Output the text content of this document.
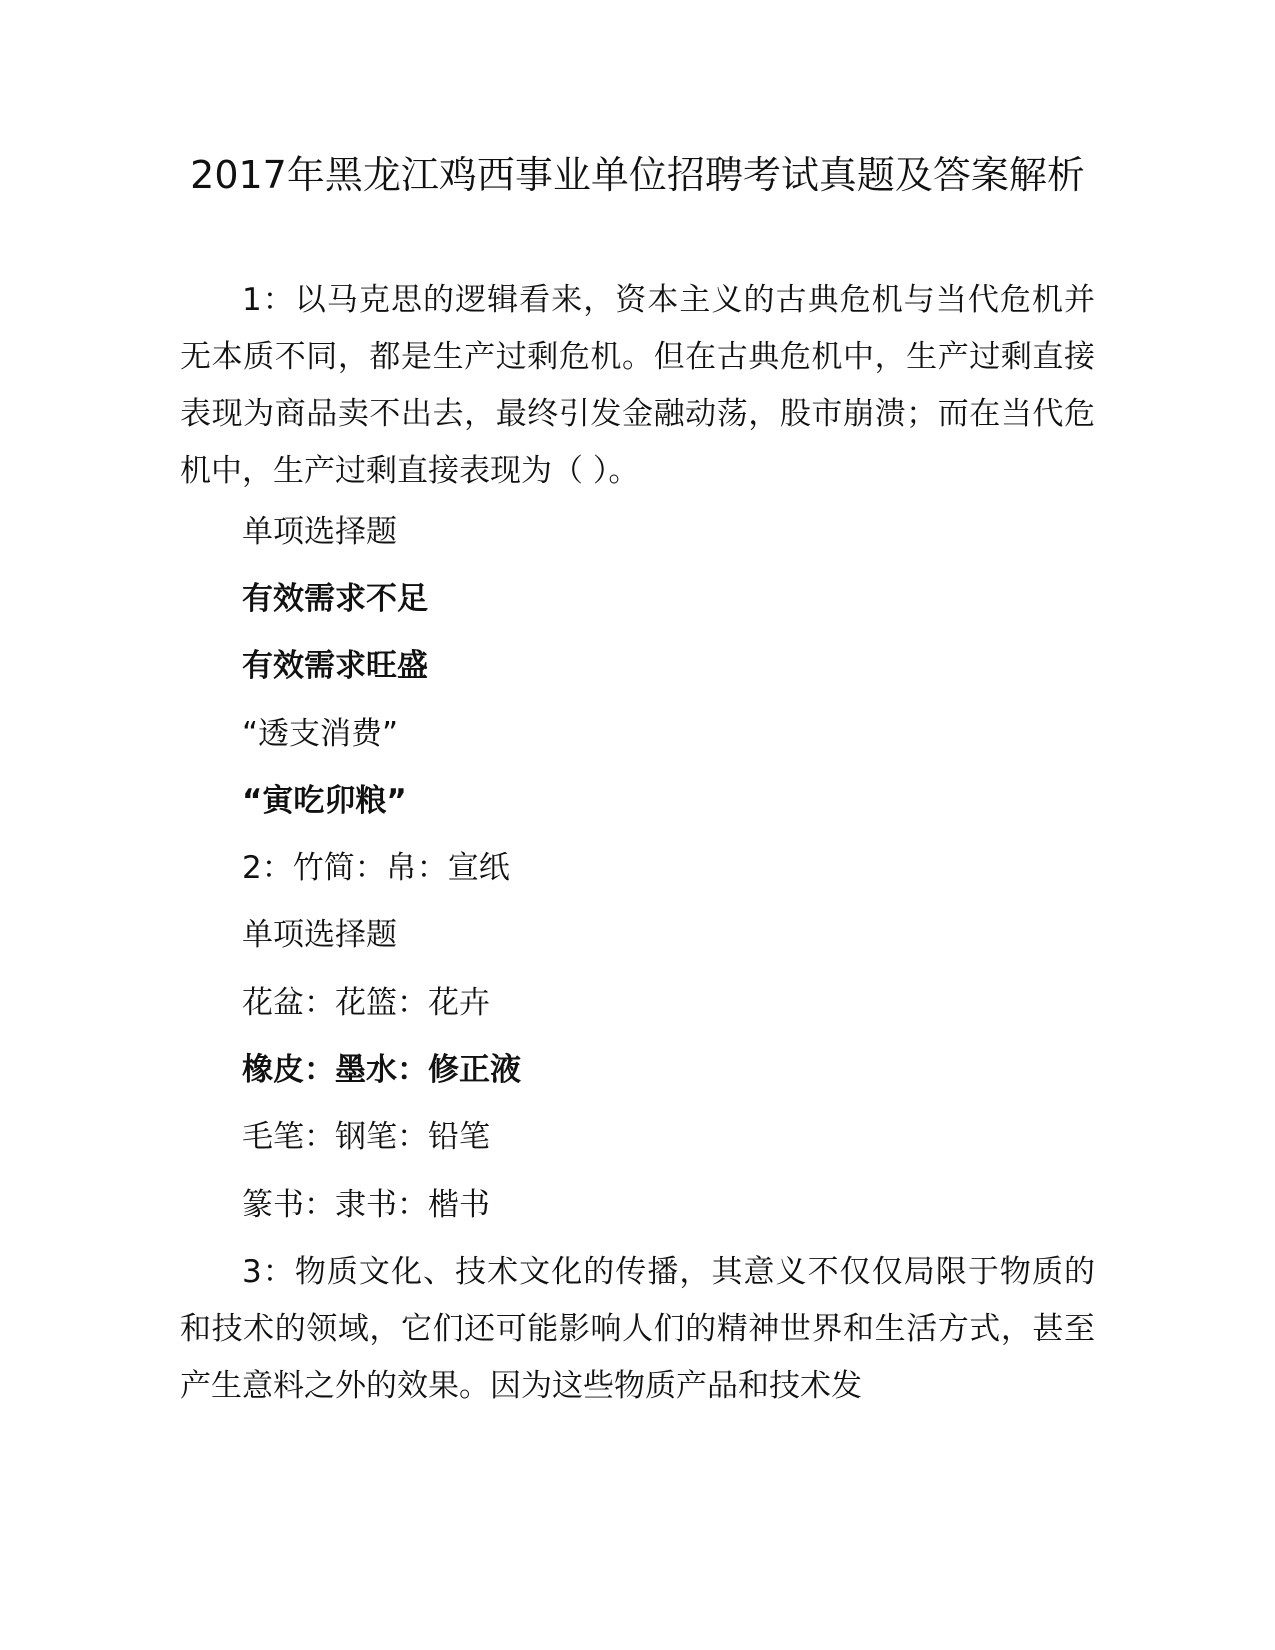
2017年黑龙江鸡西事业单位招聘考试真题及答案解析

1：以马克思的逻辑看来，资本主义的古典危机与当代危机并无本质不同，都是生产过剩危机。但在古典危机中，生产过剩直接表现为商品卖不出去，最终引发金融动荡，股市崩溃；而在当代危机中，生产过剩直接表现为（ ）。

单项选择题

有效需求不足

有效需求旺盛

“透支消费”

“寅吃卯粮”

2：竹简：帛：宣纸

单项选择题

花盆：花篮：花卉

橡皮：墨水：修正液

毛笔：钢笔：铅笔

篆书：隶书：楷书

3：物质文化、技术文化的传播，其意义不仅仅局限于物质的和技术的领域，它们还可能影响人们的精神世界和生活方式，甚至产生意料之外的效果。因为这些物质产品和技术发
